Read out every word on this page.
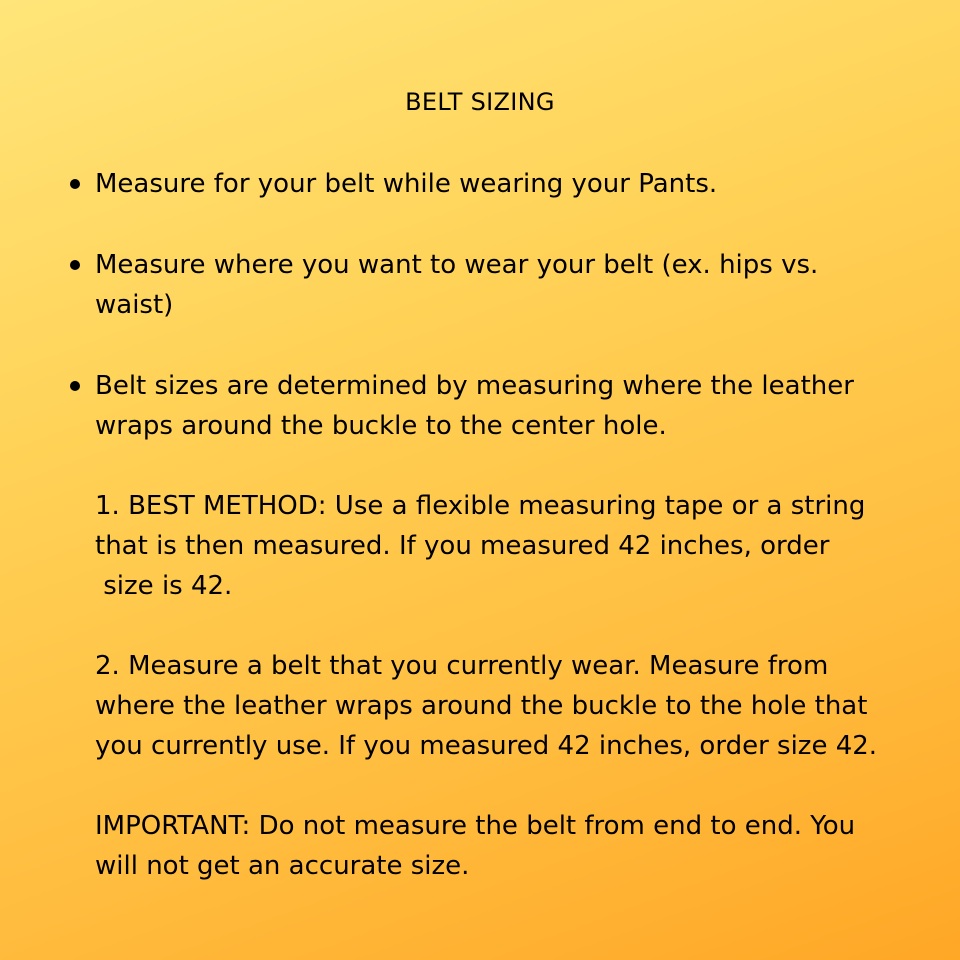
BELT SIZING
Measure for your belt while wearing your Pants.
Measure where you want to wear your belt (ex. hips vs.
waist)
Belt sizes are determined by measuring where the leather
wraps around the buckle to the center hole.
1. BEST METHOD: Use a flexible measuring tape or a string
that is then measured. If you measured 42 inches, order
size is 42.
2. Measure a belt that you currently wear. Measure from
where the leather wraps around the buckle to the hole that
you currently use. If you measured 42 inches, order size 42.
IMPORTANT: Do not measure the belt from end to end. You
will not get an accurate size.
